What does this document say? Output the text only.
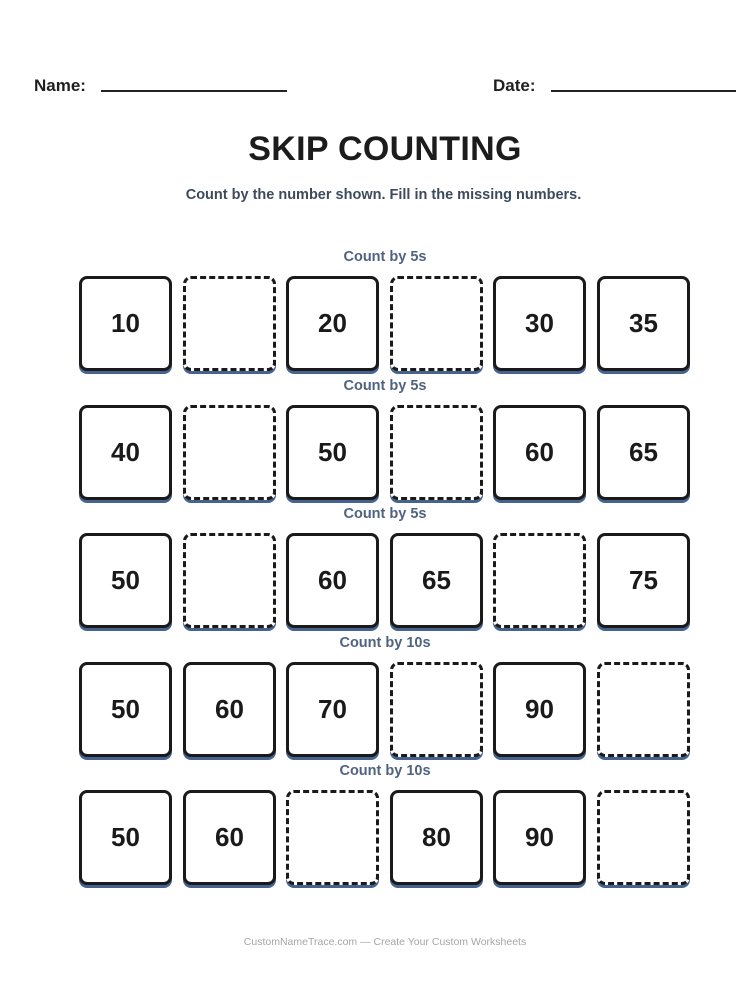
Name:	Date:
SKIP COUNTING
Count by the number shown. Fill in the missing numbers.
Count by 5s
10	20	30	35
Count by 5s
40	50	60	65
Count by 5s
50	60	65	75
Count by 10s
50	60	70	90
Count by 10s
50	60	80	90
CustomNameTrace.com — Create Your Custom Worksheets
